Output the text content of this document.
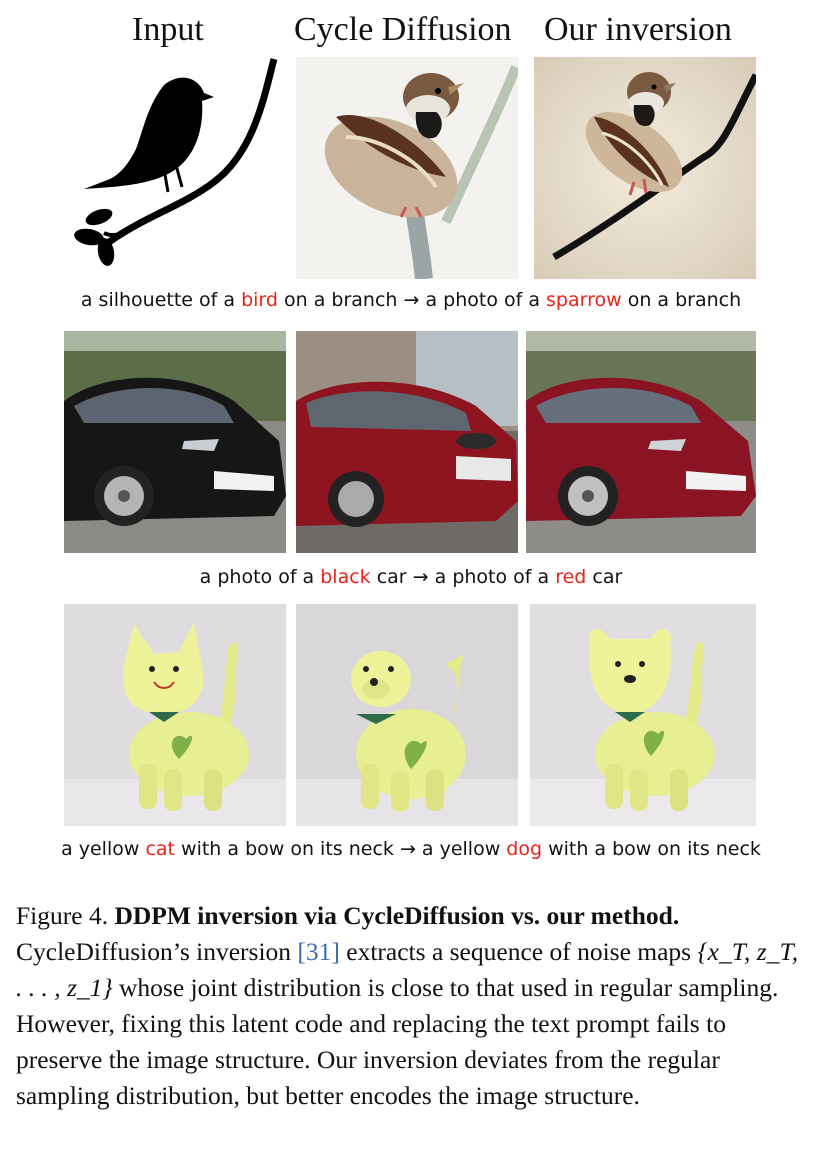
Input	Cycle Diffusion Our inversion
a silhouette of a bird on a branch → a photo of a sparrow on a branch
a photo of a black car → a photo of a red car
a yellow cat with a bow on its neck → a yellow dog with a bow on its neck
Figure 4. DDPM inversion via CycleDiffusion vs. our method. CycleDiffusion’s inversion [31] extracts a sequence of noise maps {x_T, z_T, . . . , z_1} whose joint distribution is close to that used in regular sampling. However, fixing this latent code and replacing the text prompt fails to preserve the image structure. Our inversion deviates from the regular sampling distribution, but better encodes the image structure.
